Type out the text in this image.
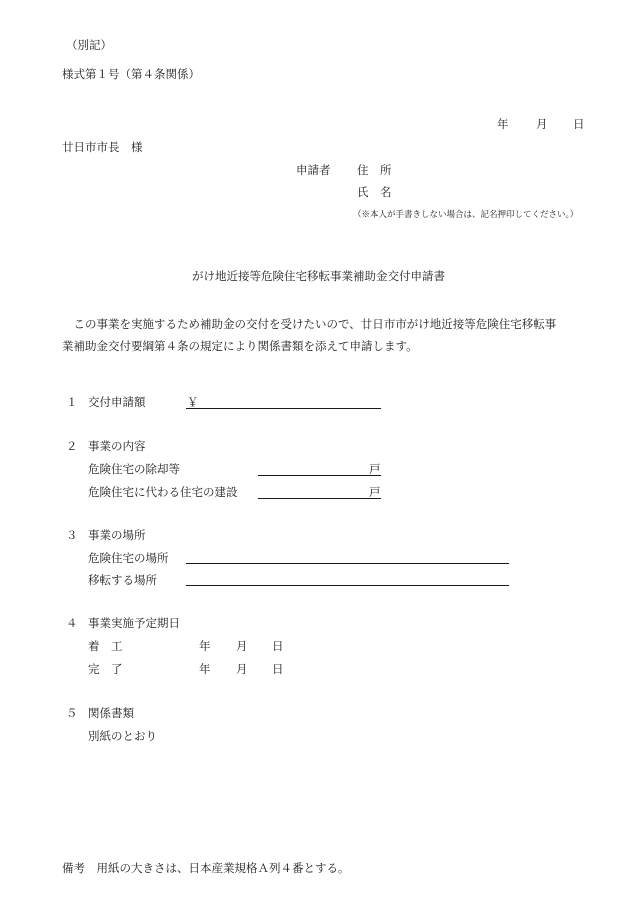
（別記）
様式第１号（第４条関係）
年 月 日
廿日市市長　様
申請者 住　所
氏　名
（※本人が手書きしない場合は、記名押印してください。）
がけ地近接等危険住宅移転事業補助金交付申請書
この事業を実施するため補助金の交付を受けたいので、廿日市市がけ地近接等危険住宅移転事
業補助金交付要綱第４条の規定により関係書類を添えて申請します。
１ 交付申請額	￥
２ 事業の内容
危険住宅の除却等	戸
危険住宅に代わる住宅の建設	戸
３ 事業の場所
危険住宅の場所
移転する場所
４ 事業実施予定期日
着　工	年 月 日
完　了	年 月 日
５ 関係書類
別紙のとおり
備考　用紙の大きさは、日本産業規格Ａ列４番とする。
